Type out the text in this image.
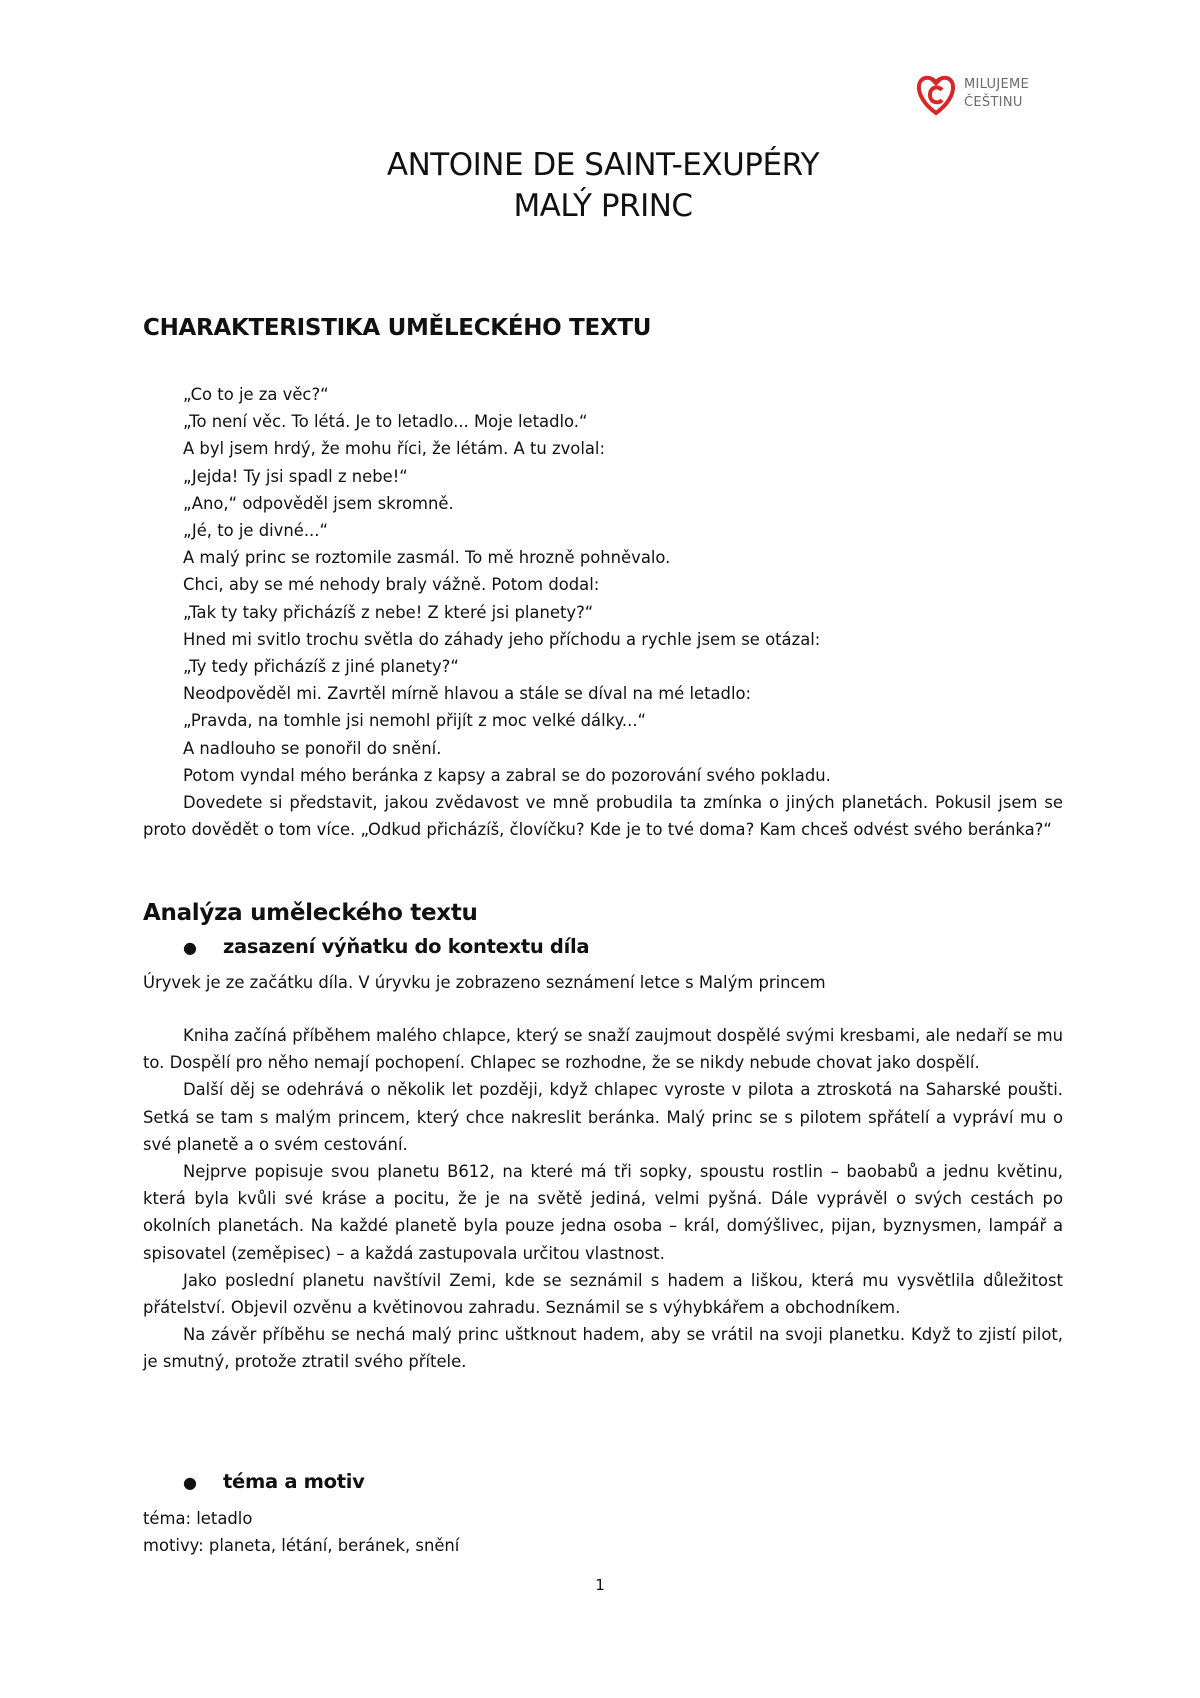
MILUJEME
ČEŠTINU
ANTOINE DE SAINT-EXUPÉRY
MALÝ PRINC
CHARAKTERISTIKA UMĚLECKÉHO TEXTU

„Co to je za věc?“

„To není věc. To létá. Je to letadlo... Moje letadlo.“

A byl jsem hrdý, že mohu říci, že létám. A tu zvolal:

„Jejda! Ty jsi spadl z nebe!“

„Ano,“ odpověděl jsem skromně.

„Jé, to je divné...“

A malý princ se roztomile zasmál. To mě hrozně pohněvalo.

Chci, aby se mé nehody braly vážně. Potom dodal:

„Tak ty taky přicházíš z nebe! Z které jsi planety?“

Hned mi svitlo trochu světla do záhady jeho příchodu a rychle jsem se otázal:

„Ty tedy přicházíš z jiné planety?“

Neodpověděl mi. Zavrtěl mírně hlavou a stále se díval na mé letadlo:

„Pravda, na tomhle jsi nemohl přijít z moc velké dálky...“

A nadlouho se ponořil do snění.

Potom vyndal mého beránka z kapsy a zabral se do pozorování svého pokladu.

Dovedete si představit, jakou zvědavost ve mně probudila ta zmínka o jiných planetách. Pokusil jsem se proto dovědět o tom více. „Odkud přicházíš, človíčku? Kde je to tvé doma? Kam chceš odvést svého beránka?“

Analýza uměleckého textu
●	zasazení výňatku do kontextu díla
Úryvek je ze začátku díla. V úryvku je zobrazeno seznámení letce s Malým princem

Kniha začíná příběhem malého chlapce, který se snaží zaujmout dospělé svými kresbami, ale nedaří se mu to. Dospělí pro něho nemají pochopení. Chlapec se rozhodne, že se nikdy nebude chovat jako dospělí.

Další děj se odehrává o několik let později, když chlapec vyroste v pilota a ztroskotá na Saharské poušti. Setká se tam s malým princem, který chce nakreslit beránka. Malý princ se s pilotem spřátelí a vypráví mu o své planetě a o svém cestování.

Nejprve popisuje svou planetu B612, na které má tři sopky, spoustu rostlin – baobabů a jednu květinu, která byla kvůli své kráse a pocitu, že je na světě jediná, velmi pyšná. Dále vyprávěl o svých cestách po okolních planetách. Na každé planetě byla pouze jedna osoba – král, domýšlivec, pijan, byznysmen, lampář a spisovatel (zeměpisec) – a každá zastupovala určitou vlastnost.

Jako poslední planetu navštívil Zemi, kde se seznámil s hadem a liškou, která mu vysvětlila důležitost přátelství. Objevil ozvěnu a květinovou zahradu. Seznámil se s výhybkářem a obchodníkem.

Na závěr příběhu se nechá malý princ uštknout hadem, aby se vrátil na svoji planetku. Když to zjistí pilot, je smutný, protože ztratil svého přítele.

●	téma a motiv
téma: letadlo
motivy: planeta, létání, beránek, snění
1
